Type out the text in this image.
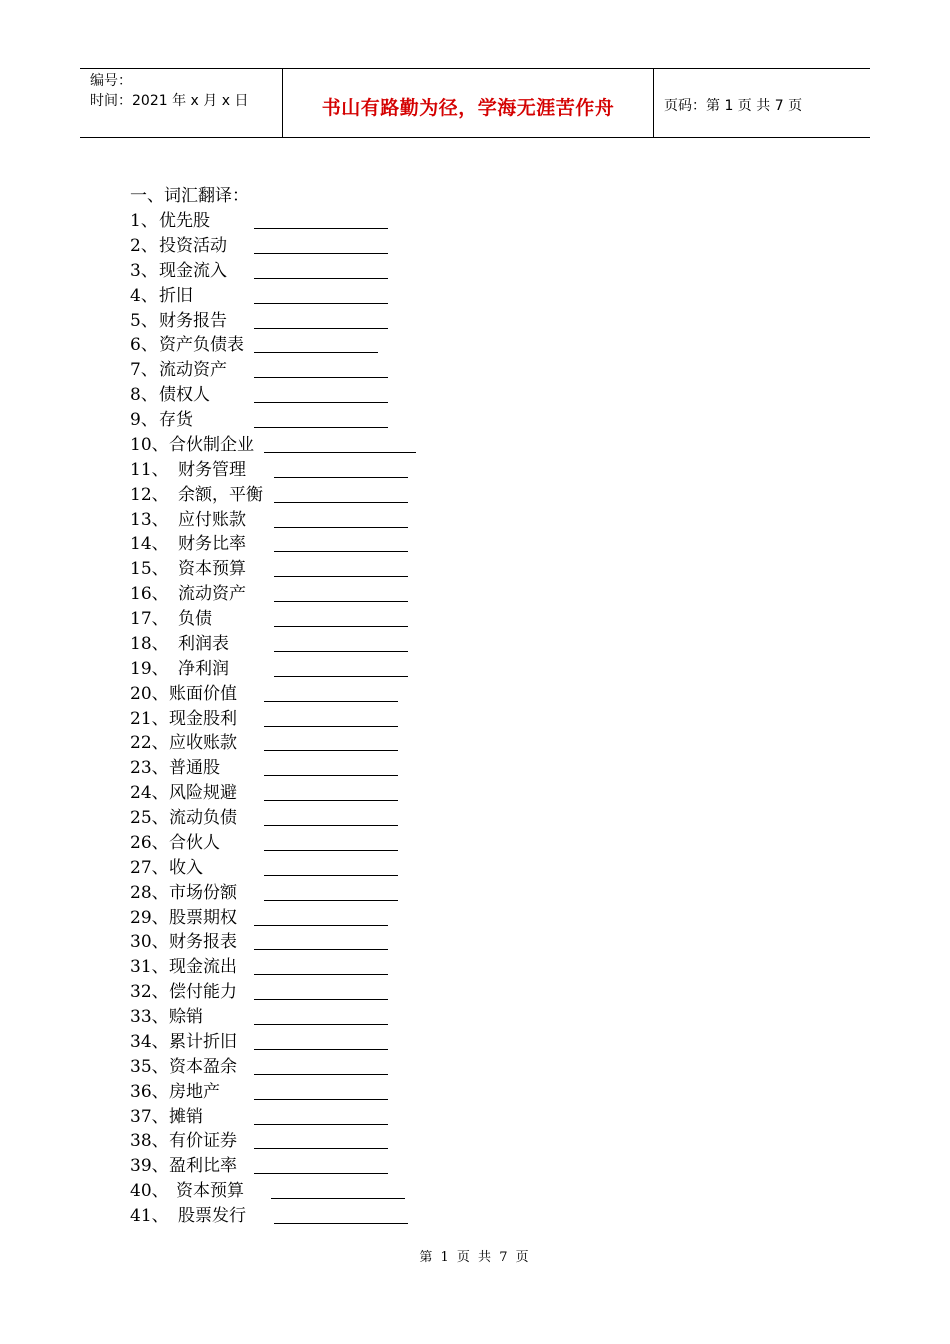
编号：
时间：2021 年 x 月 x 日	书山有路勤为径，学海无涯苦作舟	页码：第 1 页 共 7 页
一、词汇翻译：
1、 优先股
2、 投资活动
3、 现金流入
4、 折旧
5、 财务报告
6、 资产负债表
7、 流动资产
8、 债权人
9、 存货
10、 合伙制企业
11、 财务管理
12、 余额，平衡
13、 应付账款
14、 财务比率
15、 资本预算
16、 流动资产
17、 负债
18、 利润表
19、 净利润
20、 账面价值
21、 现金股利
22、 应收账款
23、 普通股
24、 风险规避
25、 流动负债
26、 合伙人
27、 收入
28、 市场份额
29、 股票期权
30、 财务报表
31、 现金流出
32、 偿付能力
33、 赊销
34、 累计折旧
35、 资本盈余
36、 房地产
37、 摊销
38、 有价证券
39、 盈利比率
40、 资本预算
41、 股票发行
第 1 页 共 7 页
